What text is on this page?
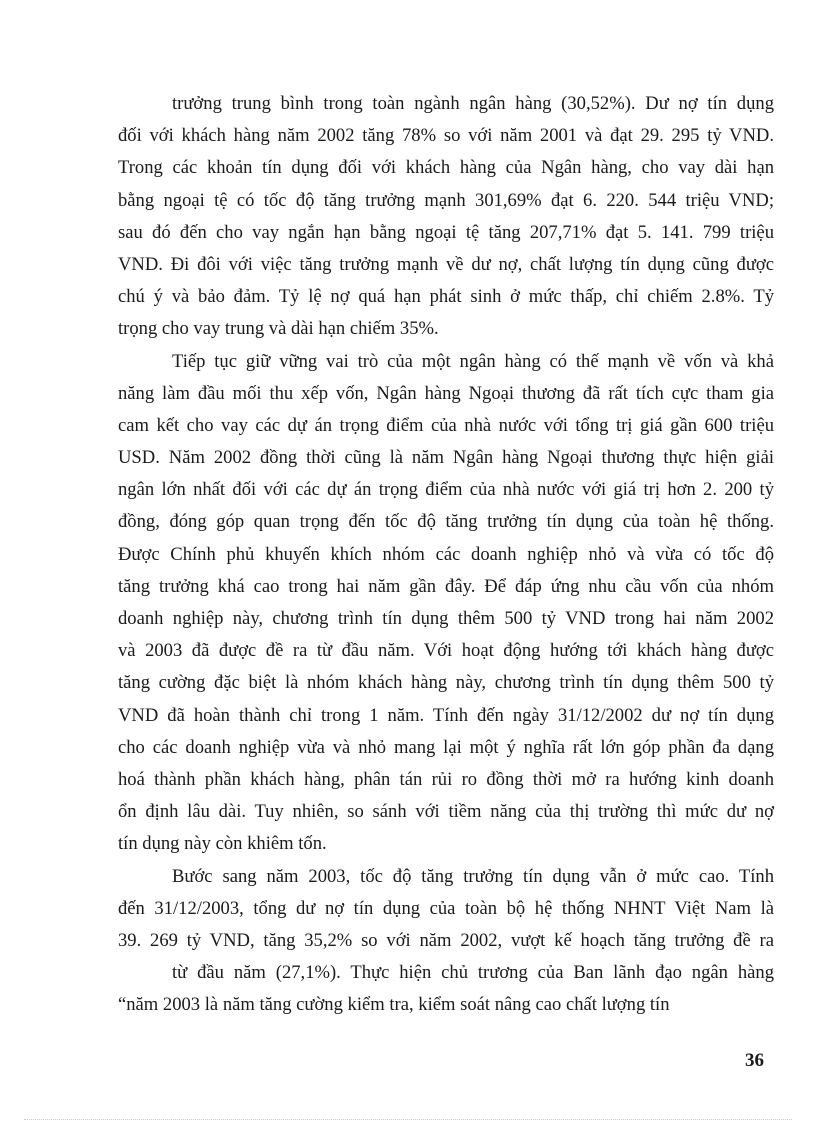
trưởng trung bình trong toàn ngành ngân hàng (30,52%). Dư nợ tín dụng
đối với khách hàng năm 2002 tăng 78% so với năm 2001 và đạt 29. 295 tỷ VND.
Trong các khoản tín dụng đối với khách hàng của Ngân hàng, cho vay dài hạn
bằng ngoại tệ có tốc độ tăng trưởng mạnh 301,69% đạt 6. 220. 544 triệu VND;
sau đó đến cho vay ngắn hạn bằng ngoại tệ tăng 207,71% đạt 5. 141. 799 triệu
VND. Đi đôi với việc tăng trưởng mạnh về dư nợ, chất lượng tín dụng cũng được
chú ý và bảo đảm. Tỷ lệ nợ quá hạn phát sinh ở mức thấp, chỉ chiếm 2.8%. Tỷ
trọng cho vay trung và dài hạn chiếm 35%.
Tiếp tục giữ vững vai trò của một ngân hàng có thế mạnh về vốn và khả
năng làm đầu mối thu xếp vốn, Ngân hàng Ngoại thương đã rất tích cực tham gia
cam kết cho vay các dự án trọng điểm của nhà nước với tổng trị giá gần 600 triệu
USD. Năm 2002 đồng thời cũng là năm Ngân hàng Ngoại thương thực hiện giải
ngân lớn nhất đối với các dự án trọng điểm của nhà nước với giá trị hơn 2. 200 tỷ
đồng, đóng góp quan trọng đến tốc độ tăng trưởng tín dụng của toàn hệ thống.
Được Chính phủ khuyến khích nhóm các doanh nghiệp nhỏ và vừa có tốc độ
tăng trưởng khá cao trong hai năm gần đây. Để đáp ứng nhu cầu vốn của nhóm
doanh nghiệp này, chương trình tín dụng thêm 500 tỷ VND trong hai năm 2002
và 2003 đã được đề ra từ đầu năm. Với hoạt động hướng tới khách hàng được
tăng cường đặc biệt là nhóm khách hàng này, chương trình tín dụng thêm 500 tỷ
VND đã hoàn thành chỉ trong 1 năm. Tính đến ngày 31/12/2002 dư nợ tín dụng
cho các doanh nghiệp vừa và nhỏ mang lại một ý nghĩa rất lớn góp phần đa dạng
hoá thành phần khách hàng, phân tán rủi ro đồng thời mở ra hướng kinh doanh
ổn định lâu dài. Tuy nhiên, so sánh với tiềm năng của thị trường thì mức dư nợ
tín dụng này còn khiêm tốn.
Bước sang năm 2003, tốc độ tăng trưởng tín dụng vẫn ở mức cao. Tính
đến 31/12/2003, tổng dư nợ tín dụng của toàn bộ hệ thống NHNT Việt Nam là
39. 269 tỷ VND, tăng 35,2% so với năm 2002, vượt kế hoạch tăng trưởng đề ra
từ đầu năm (27,1%). Thực hiện chủ trương của Ban lãnh đạo ngân hàng
“năm 2003 là năm tăng cường kiểm tra, kiểm soát nâng cao chất lượng tín
36
